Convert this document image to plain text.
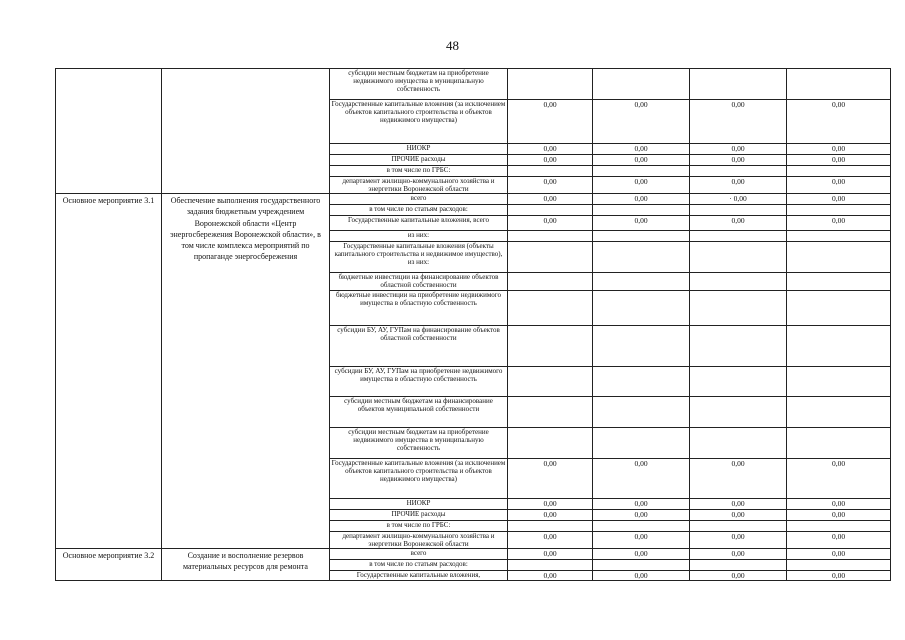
48
		субсидии местным бюджетам на приобретение недвижимого имущества в муниципальную собственность				
		Государственные капитальные вложения (за исключением объектов капитального строительства и объектов недвижимого имущества)	0,00	0,00	0,00	0,00
		НИОКР	0,00	0,00	0,00	0,00
		ПРОЧИЕ расходы	0,00	0,00	0,00	0,00
		в том числе по ГРБС:				
		департамент жилищно-коммунального хозяйства и энергетики Воронежской области	0,00	0,00	0,00	0,00
Основное мероприятие 3.1	Обеспечение выполнения государственного задания бюджетным учреждением Воронежской области «Центр энергосбережения Воронежской области», в том числе комплекса мероприятий по пропаганде энергосбережения	всего	0,00	0,00	· 0,00	0,00
		в том числе по статьям расходов:				
		Государственные капитальные вложения, всего	0,00	0,00	0,00	0,00
		из них:				
		Государственные капитальные вложения (объекты капитального строительства и недвижимое имущество), из них:				
		бюджетные инвестиции на финансирование объектов областной собственности				
		бюджетные инвестиции на приобретение недвижимого имущества в областную собственность				
		субсидии БУ, АУ, ГУПам на финансирование объектов областной собственности				
		субсидии БУ, АУ, ГУПам на приобретение недвижимого имущества в областную собственность				
		субсидии местным бюджетам на финансирование объектов муниципальной собственности				
		субсидии местным бюджетам на приобретение недвижимого имущества в муниципальную собственность				
		Государственные капитальные вложения (за исключением объектов капитального строительства и объектов недвижимого имущества)	0,00	0,00	0,00	0,00
		НИОКР	0,00	0,00	0,00	0,00
		ПРОЧИЕ расходы	0,00	0,00	0,00	0,00
		в том числе по ГРБС:				
		департамент жилищно-коммунального хозяйства и энергетики Воронежской области	0,00	0,00	0,00	0,00
Основное мероприятие 3.2	Создание и восполнение резервов материальных ресурсов для ремонта	всего	0,00	0,00	0,00	0,00
		в том числе по статьям расходов:				
		Государственные капитальные вложения,	0,00	0,00	0,00	0,00
